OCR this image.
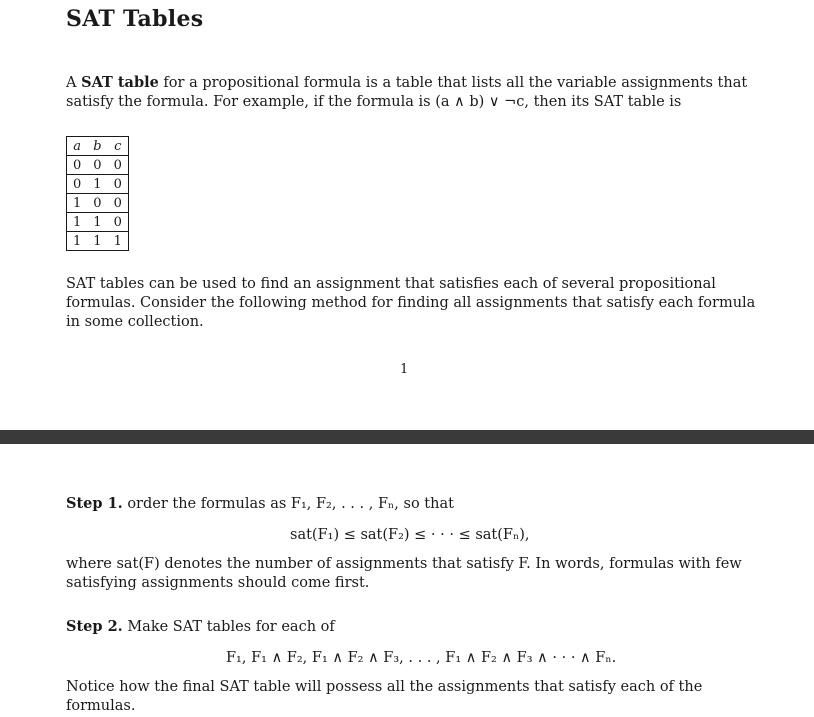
SAT Tables
A SAT table for a propositional formula is a table that lists all the variable assignments that satisfy the formula. For example, if the formula is (a ∧ b) ∨ ¬c, then its SAT table is
a	b	c
0	0	0
0	1	0
1	0	0
1	1	0
1	1	1
SAT tables can be used to find an assignment that satisfies each of several propositional formulas. Consider the following method for finding all assignments that satisfy each formula in some collection.
1
Step 1. order the formulas as F₁, F₂, . . . , Fₙ, so that
sat(F₁) ≤ sat(F₂) ≤ · · · ≤ sat(Fₙ),
where sat(F) denotes the number of assignments that satisfy F. In words, formulas with few satisfying assignments should come first.
Step 2. Make SAT tables for each of
F₁, F₁ ∧ F₂, F₁ ∧ F₂ ∧ F₃, . . . , F₁ ∧ F₂ ∧ F₃ ∧ · · · ∧ Fₙ.
Notice how the final SAT table will possess all the assignments that satisfy each of the formulas.
